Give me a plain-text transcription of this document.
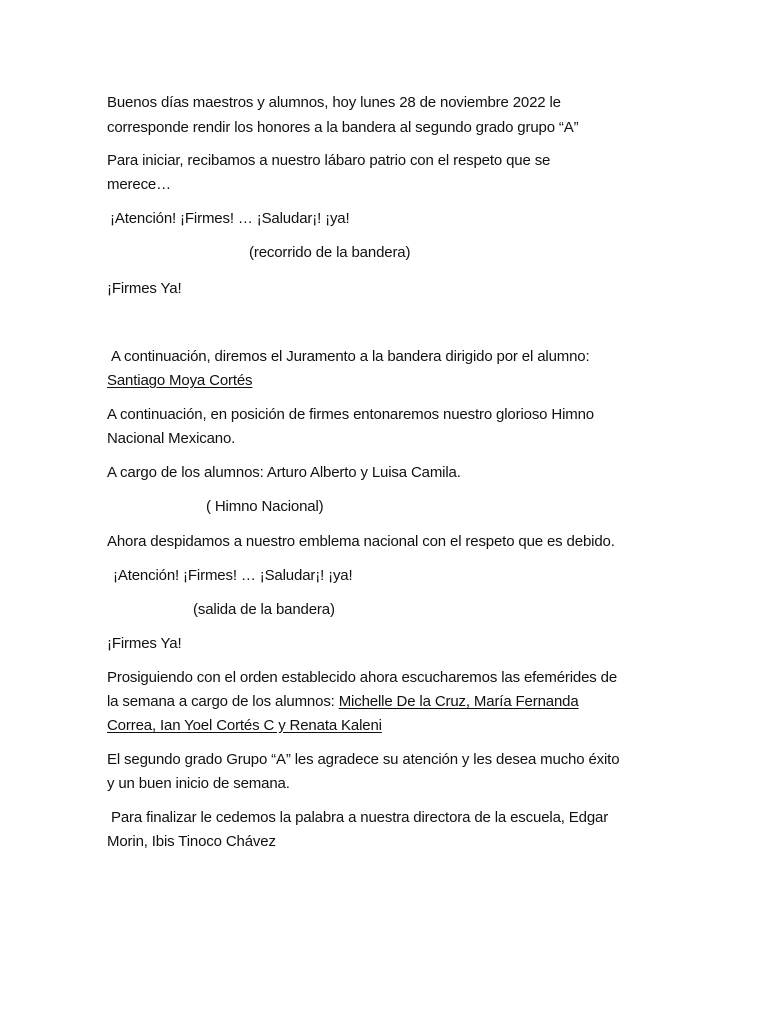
Buenos días maestros y alumnos, hoy lunes 28 de noviembre 2022 le

corresponde rendir los honores a la bandera al segundo grado grupo “A”

Para iniciar, recibamos a nuestro lábaro patrio con el respeto que se

merece…

¡Atención! ¡Firmes! … ¡Saludar¡! ¡ya!

(recorrido de la bandera)

¡Firmes Ya!

A continuación, diremos el Juramento a la bandera dirigido por el alumno:

Santiago Moya Cortés

A continuación, en posición de firmes entonaremos nuestro glorioso Himno

Nacional Mexicano.

A cargo de los alumnos: Arturo Alberto y Luisa Camila.

( Himno Nacional)

Ahora despidamos a nuestro emblema nacional con el respeto que es debido.

¡Atención! ¡Firmes! … ¡Saludar¡! ¡ya!

(salida de la bandera)

¡Firmes Ya!

Prosiguiendo con el orden establecido ahora escucharemos las efemérides de

la semana a cargo de los alumnos: Michelle De la Cruz, María Fernanda

Correa, Ian Yoel Cortés C y Renata Kaleni

El segundo grado Grupo “A” les agradece su atención y les desea mucho éxito

y un buen inicio de semana.

Para finalizar le cedemos la palabra a nuestra directora de la escuela, Edgar

Morin, Ibis Tinoco Chávez
